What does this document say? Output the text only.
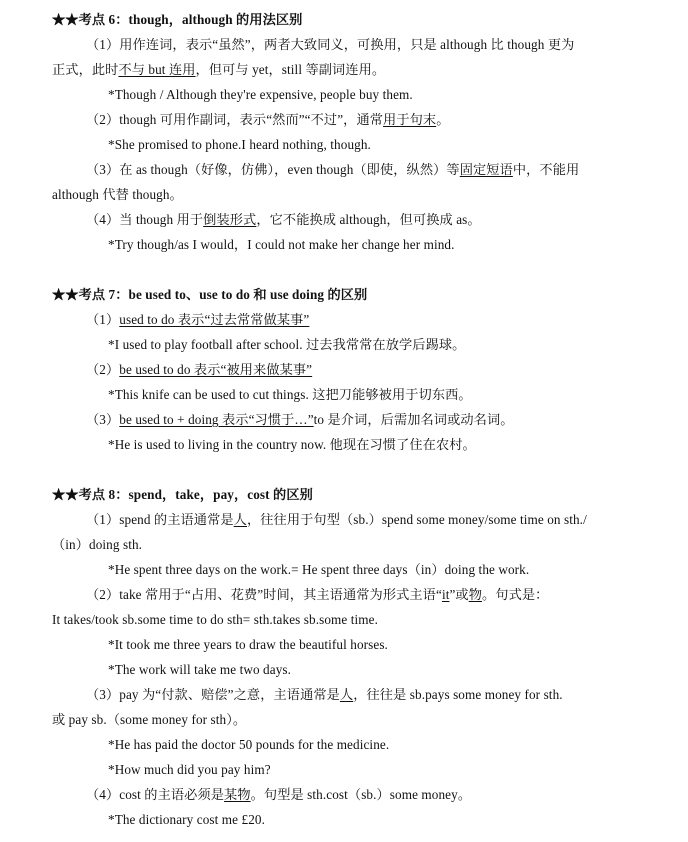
★★考点 6：though，although 的用法区别
（1）用作连词，表示“虽然”，两者大致同义，可换用，只是 although 比 though 更为
正式，此时不与 but 连用，但可与 yet，still 等副词连用。
*Though / Although they're expensive, people buy them.
（2）though 可用作副词，表示“然而”“不过”，通常用于句末。
*She promised to phone.I heard nothing, though.
（3）在 as though（好像，仿佛），even though（即使，纵然）等固定短语中，不能用
although 代替 though。
（4）当 though 用于倒装形式，它不能换成 although，但可换成 as。
*Try though/as I would，I could not make her change her mind.
★★考点 7：be used to、use to do 和 use doing 的区别
（1）used to do 表示“过去常常做某事”
*I used to play football after school. 过去我常常在放学后踢球。
（2）be used to do 表示“被用来做某事”
*This knife can be used to cut things. 这把刀能够被用于切东西。
（3）be used to + doing 表示“习惯于…”to 是介词，后需加名词或动名词。
*He is used to living in the country now. 他现在习惯了住在农村。
★★考点 8：spend，take，pay，cost 的区别
（1）spend 的主语通常是人，往往用于句型（sb.）spend some money/some time on sth./
（in）doing sth.
*He spent three days on the work.= He spent three days（in）doing the work.
（2）take 常用于“占用、花费”时间，其主语通常为形式主语“it”或物。句式是：
It takes/took sb.some time to do sth= sth.takes sb.some time.
*It took me three years to draw the beautiful horses.
*The work will take me two days.
（3）pay 为“付款、赔偿”之意，主语通常是人，往往是 sb.pays some money for sth.
或 pay sb.（some money for sth）。
*He has paid the doctor 50 pounds for the medicine.
*How much did you pay him?
（4）cost 的主语必须是某物。句型是 sth.cost（sb.）some money。
*The dictionary cost me £20.
